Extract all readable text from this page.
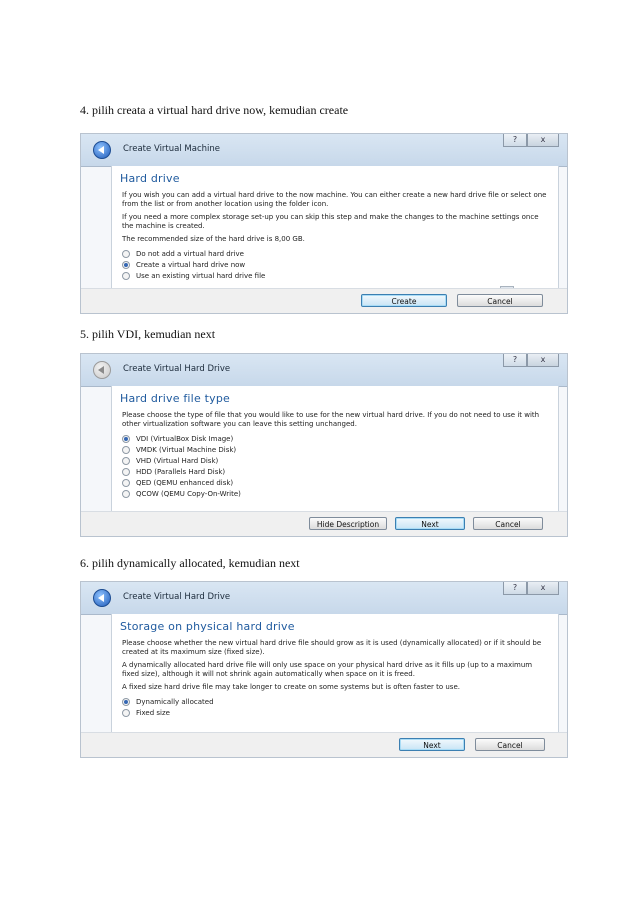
4. pilih creata a virtual hard drive now, kemudian create
Create Virtual Machine
?	x
Hard drive
If you wish you can add a virtual hard drive to the now machine. You can either create a new hard drive file or select one from the list or from another location using the folder icon.
If you need a more complex storage set-up you can skip this step and make the changes to the machine settings once the machine is created.
The recommended size of the hard drive is 8,00 GB.
Do not add a virtual hard drive
Create a virtual hard drive now
Use an existing virtual hard drive file
Create	Cancel
5. pilih VDI, kemudian next
Create Virtual Hard Drive
?	x
Hard drive file type
Please choose the type of file that you would like to use for the new virtual hard drive. If you do not need to use it with other virtualization software you can leave this setting unchanged.
VDI (VirtualBox Disk Image)
VMDK (Virtual Machine Disk)
VHD (Virtual Hard Disk)
HDD (Parallels Hard Disk)
QED (QEMU enhanced disk)
QCOW (QEMU Copy-On-Write)
Hide Description	Next	Cancel
6. pilih dynamically allocated, kemudian next
Create Virtual Hard Drive
?	x
Storage on physical hard drive
Please choose whether the new virtual hard drive file should grow as it is used (dynamically allocated) or if it should be created at its maximum size (fixed size).
A dynamically allocated hard drive file will only use space on your physical hard drive as it fills up (up to a maximum fixed size), although it will not shrink again automatically when space on it is freed.
A fixed size hard drive file may take longer to create on some systems but is often faster to use.
Dynamically allocated
Fixed size
Next	Cancel
